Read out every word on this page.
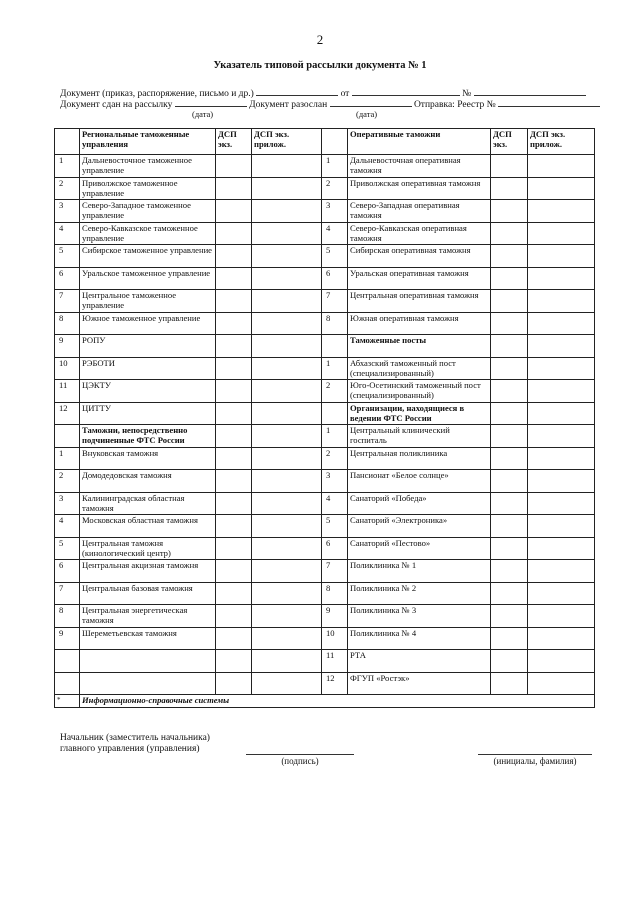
2
Указатель типовой рассылки документа № 1
Документ (приказ, распоряжение, письмо и др.)	от	№
Документ сдан на рассылку	Документ разослан	Отправка: Реестр №
(дата)	(дата)
	Региональные таможенные управления	ДСП экз.	ДСП экз. прилож.		Оперативные таможни	ДСП экз.	ДСП экз. прилож.
1	Дальневосточное таможенное управление			1	Дальневосточная оперативная таможня		
2	Приволжское таможенное управление			2	Приволжская оперативная таможня		
3	Северо-Западное таможенное управление			3	Северо-Западная оперативная таможня		
4	Северо-Кавказское таможенное управление			4	Северо-Кавказская оперативная таможня		
5	Сибирское таможенное управление			5	Сибирская оперативная таможня		
6	Уральское таможенное управление			6	Уральская оперативная таможня		
7	Центральное таможенное управление			7	Центральная оперативная таможня		
8	Южное таможенное управление			8	Южная оперативная таможня		
9	РОПУ				Таможенные посты		
10	РЭБОТИ			1	Абхазский таможенный пост (специализированный)		
11	ЦЭКТУ			2	Юго-Осетинский таможенный пост (специализированный)		
12	ЦИТТУ				Организации, находящиеся в ведении ФТС России		
	Таможни, непосредственно подчиненные ФТС России			1	Центральный клинический госпиталь		
1	Внуковская таможня			2	Центральная поликлиника		
2	Домодедовская таможня			3	Пансионат «Белое солнце»		
3	Калининградская областная таможня			4	Санаторий «Победа»		
4	Московская областная таможня			5	Санаторий «Электроника»		
5	Центральная таможня (кинологический центр)			6	Санаторий «Пестово»		
6	Центральная акцизная таможня			7	Поликлиника № 1		
7	Центральная базовая таможня			8	Поликлиника № 2		
8	Центральная энергетическая таможня			9	Поликлиника № 3		
9	Шереметьевская таможня			10	Поликлиника № 4		
				11	РТА		
				12	ФГУП «Ростэк»		
*	Информационно-справочные системы						
Начальник (заместитель начальника)
главного управления (управления)
(подпись)	(инициалы, фамилия)
